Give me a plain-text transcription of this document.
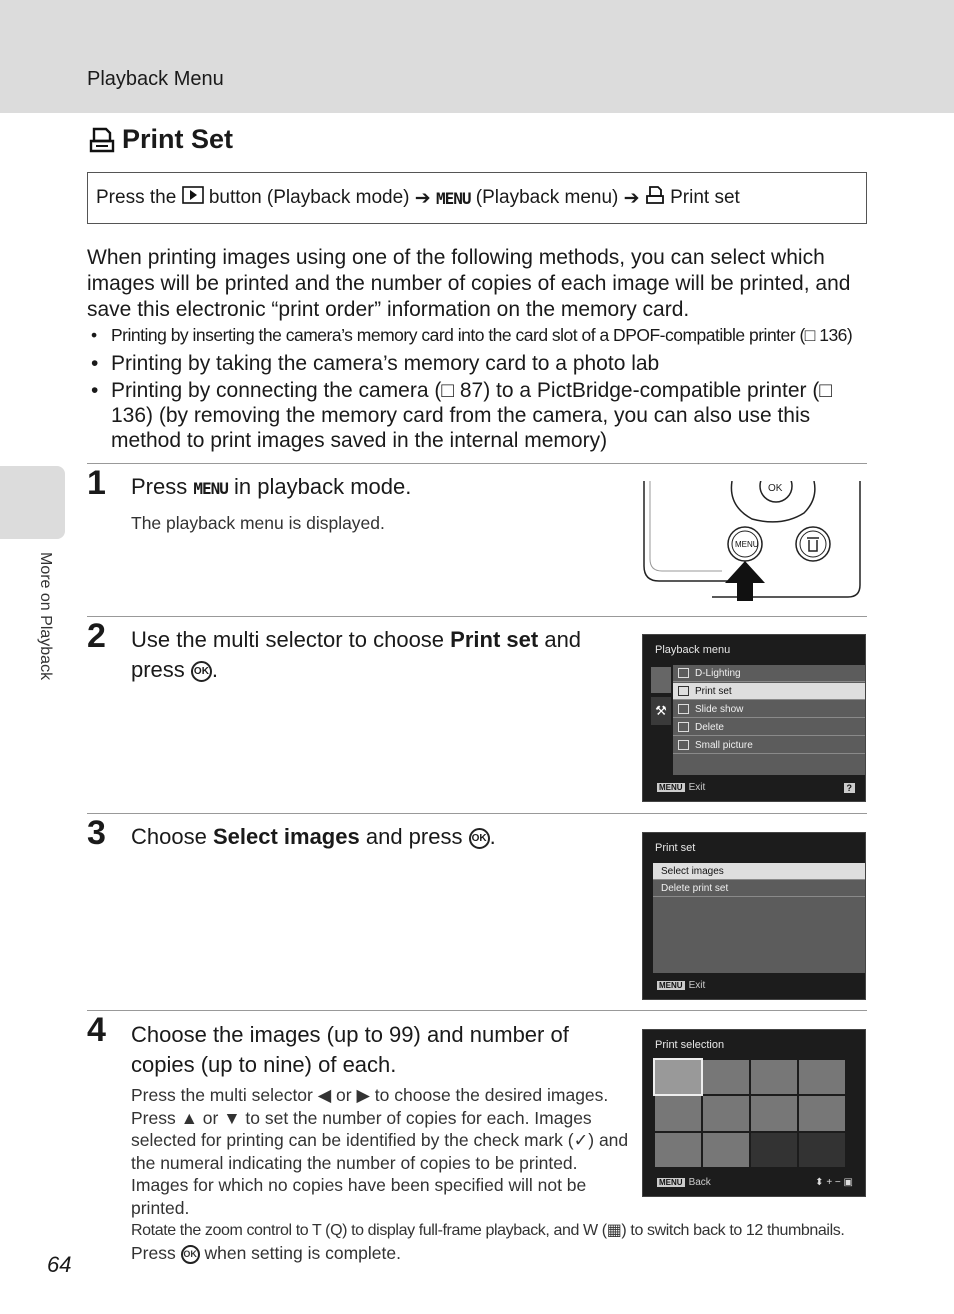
Playback Menu
More on Playback
64
Print Set
Press the

button (Playback mode)
➔
MENU
(Playback menu)
➔

Print set

When printing images using one of the following methods, you can select which images will be printed and the number of copies of each image will be printed, and save this electronic “print order” information on the memory card.

• Printing by inserting the camera’s memory card into the card slot of a DPOF-compatible printer (□ 136)
• Printing by taking the camera’s memory card to a photo lab
• Printing by connecting the camera (□ 87) to a PictBridge-compatible printer (□ 136) (by removing the memory card from the camera, you can also use this method to print images saved in the internal memory)
1 Press MENU in playback mode.

The playback menu is displayed.

OK
MENU
2 Use the multi selector to choose Print set and press OK .

Playback menu
⚒
D-Lighting
Print set
Slide show
Delete
Small picture
MENU Exit	?
3 Choose Select images and press OK .	Print set
Select images
Delete print set
MENU Exit
4 Choose the images (up to 99) and number of copies (up to nine) of each.

Press the multi selector ◀ or ▶ to choose the desired images. Press ▲ or ▼ to set the number of copies for each. Images selected for printing can be identified by the check mark (✓) and the numeral indicating the number of copies to be printed. Images for which no copies have been specified will not be printed.

Print selection
MENU Back	⬍ + − ▣

Rotate the zoom control to T (Q) to display full-frame playback, and W (▦) to switch back to 12 thumbnails.

Press OK when setting is complete.
